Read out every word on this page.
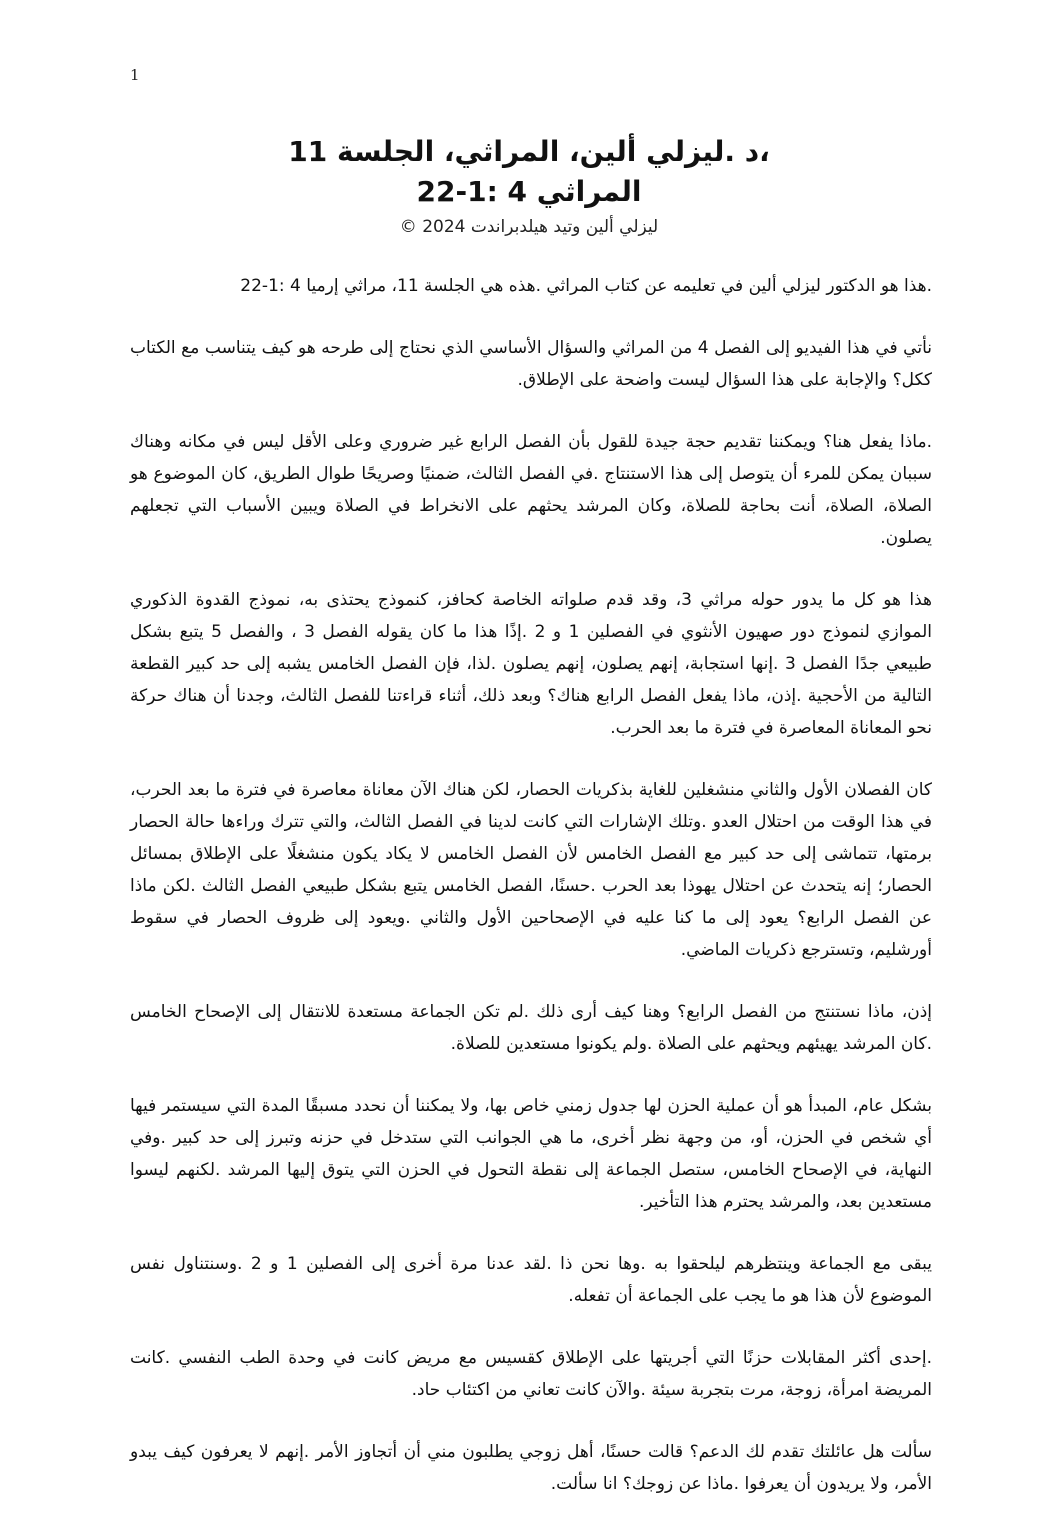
1
،د .ليزلي ألين، المراثي، الجلسة 11
المراثي 4 :1-22
ليزلي ألين وتيد هيلدبراندت 2024 ©

.هذا هو الدكتور ليزلي ألين في تعليمه عن كتاب المراثي .هذه هي الجلسة 11، مراثي إرميا 4 :1-22

نأتي في هذا الفيديو إلى الفصل 4 من المراثي والسؤال الأساسي الذي نحتاج إلى طرحه هو كيف يتناسب مع الكتاب ككل؟ والإجابة على هذا السؤال ليست واضحة على الإطلاق.

.ماذا يفعل هنا؟ ويمكننا تقديم حجة جيدة للقول بأن الفصل الرابع غير ضروري وعلى الأقل ليس في مكانه وهناك سببان يمكن للمرء أن يتوصل إلى هذا الاستنتاج .في الفصل الثالث، ضمنيًا وصريحًا طوال الطريق، كان الموضوع هو الصلاة، الصلاة، أنت بحاجة للصلاة، وكان المرشد يحثهم على الانخراط في الصلاة ويبين الأسباب التي تجعلهم يصلون.

هذا هو كل ما يدور حوله مراثي 3، وقد قدم صلواته الخاصة كحافز، كنموذج يحتذى به، نموذج القدوة الذكوري الموازي لنموذج دور صهيون الأنثوي في الفصلين 1 و 2 .إذًا هذا ما كان يقوله الفصل 3 ، والفصل 5 يتبع بشكل طبيعي جدًا الفصل 3 .إنها استجابة، إنهم يصلون، إنهم يصلون .لذا، فإن الفصل الخامس يشبه إلى حد كبير القطعة التالية من الأحجية .إذن، ماذا يفعل الفصل الرابع هناك؟ وبعد ذلك، أثناء قراءتنا للفصل الثالث، وجدنا أن هناك حركة نحو المعاناة المعاصرة في فترة ما بعد الحرب.

كان الفصلان الأول والثاني منشغلين للغاية بذكريات الحصار، لكن هناك الآن معاناة معاصرة في فترة ما بعد الحرب، في هذا الوقت من احتلال العدو .وتلك الإشارات التي كانت لدينا في الفصل الثالث، والتي تترك وراءها حالة الحصار برمتها، تتماشى إلى حد كبير مع الفصل الخامس لأن الفصل الخامس لا يكاد يكون منشغلًا على الإطلاق بمسائل الحصار؛ إنه يتحدث عن احتلال يهوذا بعد الحرب .حسنًا، الفصل الخامس يتبع بشكل طبيعي الفصل الثالث .لكن ماذا عن الفصل الرابع؟ يعود إلى ما كنا عليه في الإصحاحين الأول والثاني .ويعود إلى ظروف الحصار في سقوط أورشليم، وتسترجع ذكريات الماضي.

إذن، ماذا نستنتج من الفصل الرابع؟ وهنا كيف أرى ذلك .لم تكن الجماعة مستعدة للانتقال إلى الإصحاح الخامس .كان المرشد يهيئهم ويحثهم على الصلاة .ولم يكونوا مستعدين للصلاة.

بشكل عام، المبدأ هو أن عملية الحزن لها جدول زمني خاص بها، ولا يمكننا أن نحدد مسبقًا المدة التي سيستمر فيها أي شخص في الحزن، أو، من وجهة نظر أخرى، ما هي الجوانب التي ستدخل في حزنه وتبرز إلى حد كبير .وفي النهاية، في الإصحاح الخامس، ستصل الجماعة إلى نقطة التحول في الحزن التي يتوق إليها المرشد .لكنهم ليسوا مستعدين بعد، والمرشد يحترم هذا التأخير.

يبقى مع الجماعة وينتظرهم ليلحقوا به .وها نحن ذا .لقد عدنا مرة أخرى إلى الفصلين 1 و 2 .وسنتناول نفس الموضوع لأن هذا هو ما يجب على الجماعة أن تفعله.

.إحدى أكثر المقابلات حزنًا التي أجريتها على الإطلاق كقسيس مع مريض كانت في وحدة الطب النفسي .كانت المريضة امرأة، زوجة، مرت بتجربة سيئة .والآن كانت تعاني من اكتئاب حاد.

سألت هل عائلتك تقدم لك الدعم؟ قالت حسنًا، أهل زوجي يطلبون مني أن أتجاوز الأمر .إنهم لا يعرفون كيف يبدو الأمر، ولا يريدون أن يعرفوا .ماذا عن زوجك؟ انا سألت.
